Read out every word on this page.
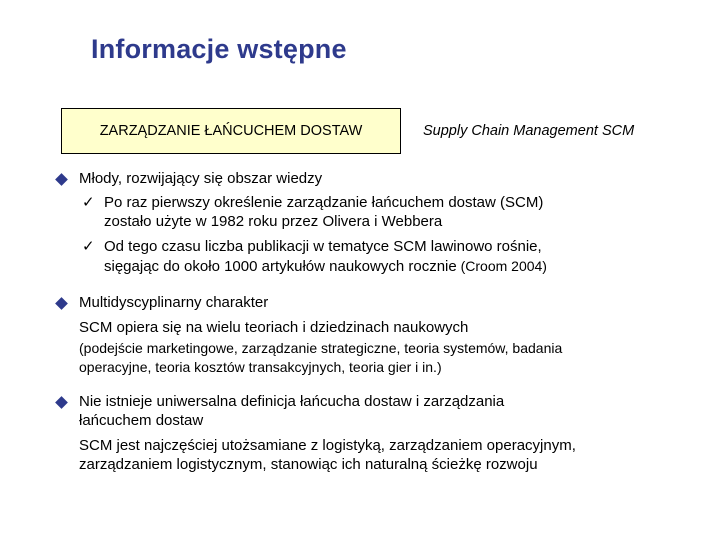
Informacje wstępne
ZARZĄDZANIE ŁAŃCUCHEM DOSTAW	Supply Chain Management SCM
Młody, rozwijający się obszar wiedzy
✓ Po raz pierwszy określenie zarządzanie łańcuchem dostaw (SCM)
zostało użyte w 1982 roku przez Olivera i Webbera
✓ Od tego czasu liczba publikacji w tematyce SCM lawinowo rośnie,
sięgając do około 1000 artykułów naukowych rocznie (Croom 2004)
Multidyscyplinarny charakter
SCM opiera się na wielu teoriach i dziedzinach naukowych
(podejście marketingowe, zarządzanie strategiczne, teoria systemów, badania
operacyjne, teoria kosztów transakcyjnych, teoria gier i in.)
Nie istnieje uniwersalna definicja łańcucha dostaw i zarządzania
łańcuchem dostaw
SCM jest najczęściej utożsamiane z logistyką, zarządzaniem operacyjnym,
zarządzaniem logistycznym, stanowiąc ich naturalną ścieżkę rozwoju
